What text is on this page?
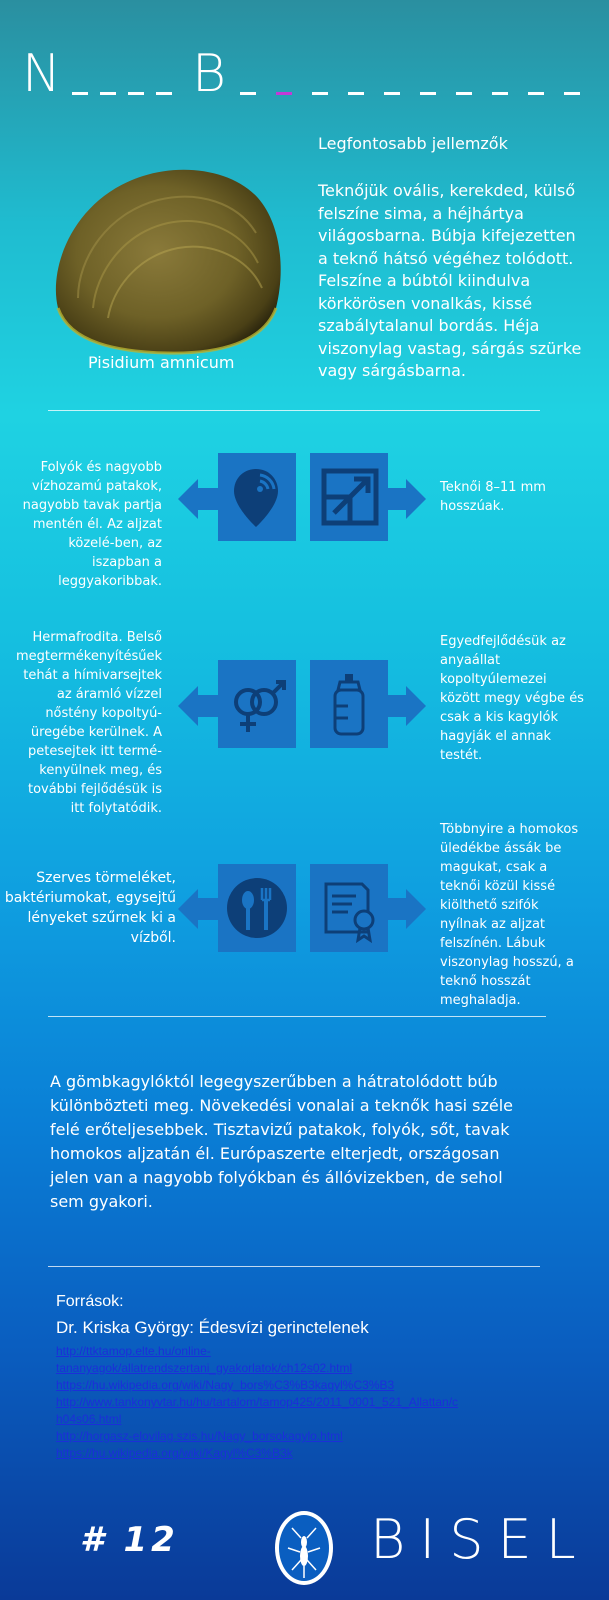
N B
Pisidium amnicum
Legfontosabb jellemzők
Teknőjük ovális, kerekded, külső
felszíne sima, a héjhártya
világosbarna. Búbja kifejezetten
a teknő hátsó végéhez tolódott.
Felszíne a búbtól kiindulva
körkörösen vonalkás, kissé
szabálytalanul bordás. Héja
viszonylag vastag, sárgás szürke
vagy sárgásbarna.
Folyók és nagyobb
vízhozamú patakok,
nagyobb tavak partja
mentén él. Az aljzat
közelé-ben, az
iszapban a
leggyakoribbak.
Teknői 8–11 mm
hosszúak.
Hermafrodita. Belső
megtermékenyítésűek
tehát a hímivarsejtek
az áramló vízzel
nőstény kopoltyú-
üregébe kerülnek. A
petesejtek itt termé-
kenyülnek meg, és
további fejlődésük is
itt folytatódik.
Egyedfejlődésük az
anyaállat
kopoltyúlemezei
között megy végbe és
csak a kis kagylók
hagyják el annak
testét.
Szerves törmeléket,
baktériumokat, egysejtű
lényeket szűrnek ki a
vízből.
Többnyire a homokos
üledékbe ássák be
magukat, csak a
teknői közül kissé
kiölthető szifók
nyílnak az aljzat
felszínén. Lábuk
viszonylag hosszú, a
teknő hosszát
meghaladja.
A gömbkagylóktól legegyszerűbben a hátratolódott búb
különbözteti meg. Növekedési vonalai a teknők hasi széle
felé erőteljesebbek. Tisztavizű patakok, folyók, sőt, tavak
homokos aljzatán él. Európaszerte elterjedt, országosan
jelen van a nagyobb folyókban és állóvizekben, de sehol
sem gyakori.
Források:
Dr. Kriska György: Édesvízi gerinctelenek
http://ttktamop.elte.hu/online-
tananyagok/allatrendszertani_gyakorlatok/ch12s02.html
https://hu.wikipedia.org/wiki/Nagy_bors%C3%B3kagyl%C3%B3
http://www.tankonyvtar.hu/hu/tartalom/tamop425/2011_0001_521_Allattan/c
h04s06.html
http://horgasz-elovilag.szis.hu/Nagy_borsokagylo.html
https://hu.wikipedia.org/wiki/Kagyl%C3%B3k
# 12	BISEL
